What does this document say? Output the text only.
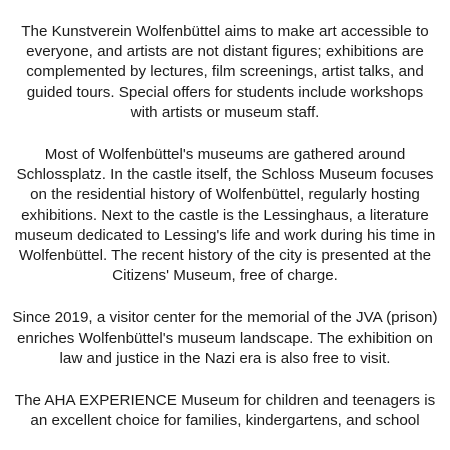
The Kunstverein Wolfenbüttel aims to make art accessible to everyone, and artists are not distant figures; exhibitions are complemented by lectures, film screenings, artist talks, and guided tours. Special offers for students include workshops with artists or museum staff.

Most of Wolfenbüttel's museums are gathered around Schlossplatz. In the castle itself, the Schloss Museum focuses on the residential history of Wolfenbüttel, regularly hosting exhibitions. Next to the castle is the Lessinghaus, a literature museum dedicated to Lessing's life and work during his time in Wolfenbüttel. The recent history of the city is presented at the Citizens' Museum, free of charge.

Since 2019, a visitor center for the memorial of the JVA (prison) enriches Wolfenbüttel's museum landscape. The exhibition on law and justice in the Nazi era is also free to visit.

The AHA EXPERIENCE Museum for children and teenagers is an excellent choice for families, kindergartens, and school
